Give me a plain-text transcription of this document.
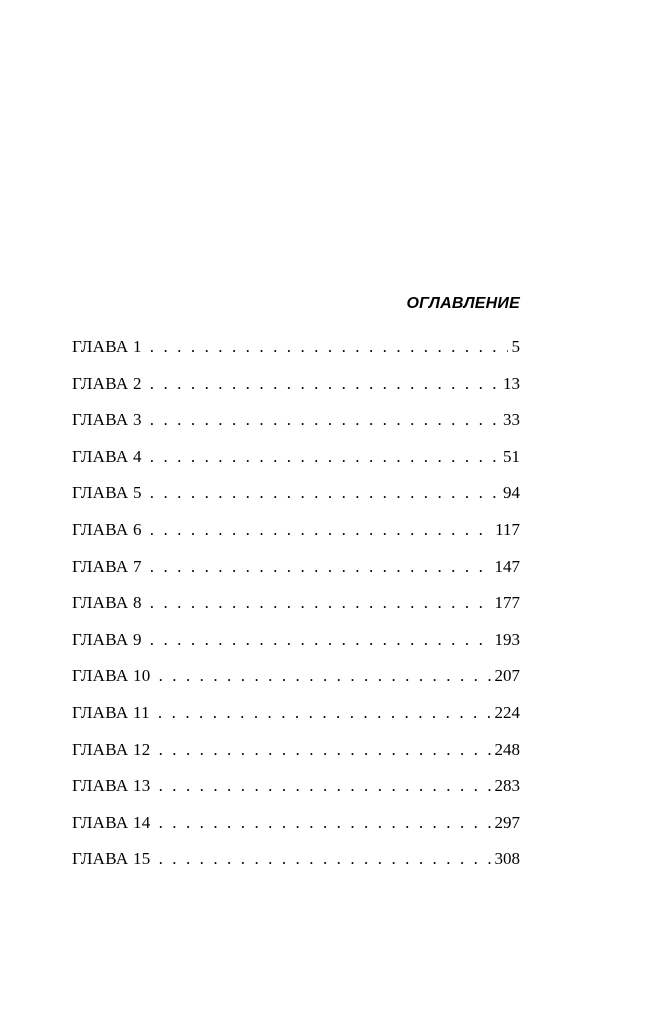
ОГЛАВЛЕНИЕ
ГЛАВА 1 . . .	5
ГЛАВА 2 . . .	13
ГЛАВА 3 . . .	33
ГЛАВА 4 . . .	51
ГЛАВА 5 . . .	94
ГЛАВА 6 . . .	117
ГЛАВА 7 . . .	147
ГЛАВА 8 . . .	177
ГЛАВА 9 . . .	193
ГЛАВА 10 . . .	207
ГЛАВА 11 . . .	224
ГЛАВА 12 . . .	248
ГЛАВА 13 . . .	283
ГЛАВА 14 . . .	297
ГЛАВА 15 . . .	308
